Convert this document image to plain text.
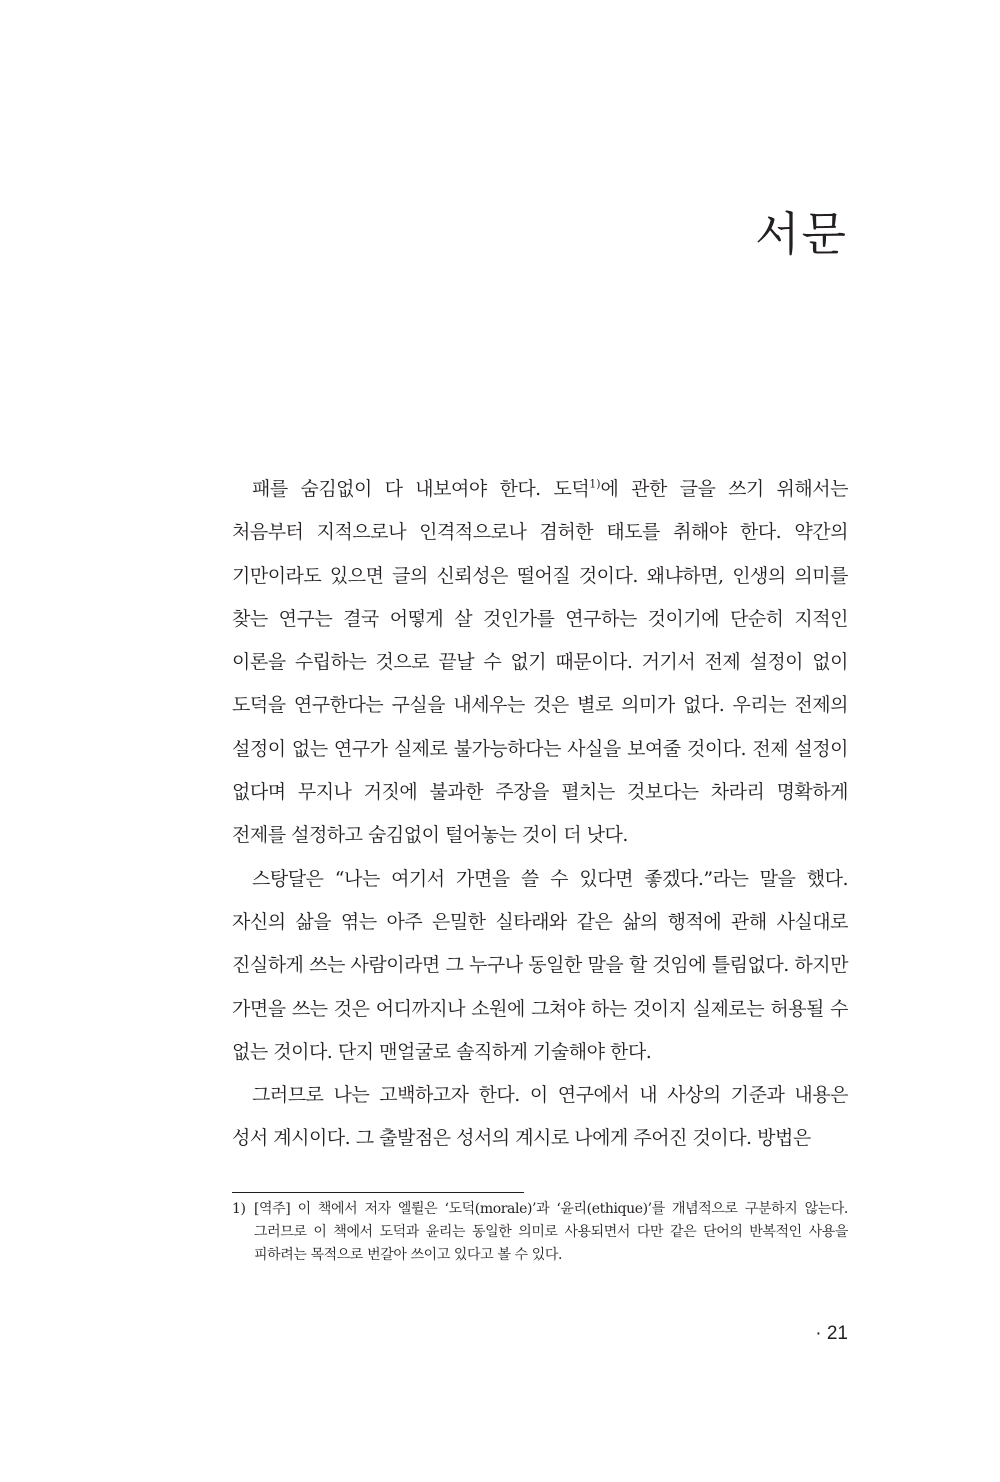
서문

패를 숨김없이 다 내보여야 한다. 도덕$^{1)}$에 관한 글을 쓰기 위해서는 처음부터 지적으로나 인격적으로나 겸허한 태도를 취해야 한다. 약간의 기만이라도 있으면 글의 신뢰성은 떨어질 것이다. 왜냐하면, 인생의 의미를 찾는 연구는 결국 어떻게 살 것인가를 연구하는 것이기에 단순히 지적인 이론을 수립하는 것으로 끝날 수 없기 때문이다. 거기서 전제 설정이 없이 도덕을 연구한다는 구실을 내세우는 것은 별로 의미가 없다. 우리는 전제의 설정이 없는 연구가 실제로 불가능하다는 사실을 보여줄 것이다. 전제 설정이 없다며 무지나 거짓에 불과한 주장을 펼치는 것보다는 차라리 명확하게 전제를 설정하고 숨김없이 털어놓는 것이 더 낫다.

스탕달은 “나는 여기서 가면을 쓸 수 있다면 좋겠다.”라는 말을 했다. 자신의 삶을 엮는 아주 은밀한 실타래와 같은 삶의 행적에 관해 사실대로 진실하게 쓰는 사람이라면 그 누구나 동일한 말을 할 것임에 틀림없다. 하지만 가면을 쓰는 것은 어디까지나 소원에 그쳐야 하는 것이지 실제로는 허용될 수 없는 것이다. 단지 맨얼굴로 솔직하게 기술해야 한다.

그러므로 나는 고백하고자 한다. 이 연구에서 내 사상의 기준과 내용은 성서 계시이다. 그 출발점은 성서의 계시로 나에게 주어진 것이다. 방법은

1) [역주] 이 책에서 저자 엘륄은 ‘도덕(morale)’과 ‘윤리(ethique)’를 개념적으로 구분하지 않는다. 그러므로 이 책에서 도덕과 윤리는 동일한 의미로 사용되면서 다만 같은 단어의 반복적인 사용을 피하려는 목적으로 번갈아 쓰이고 있다고 볼 수 있다.
· 21
